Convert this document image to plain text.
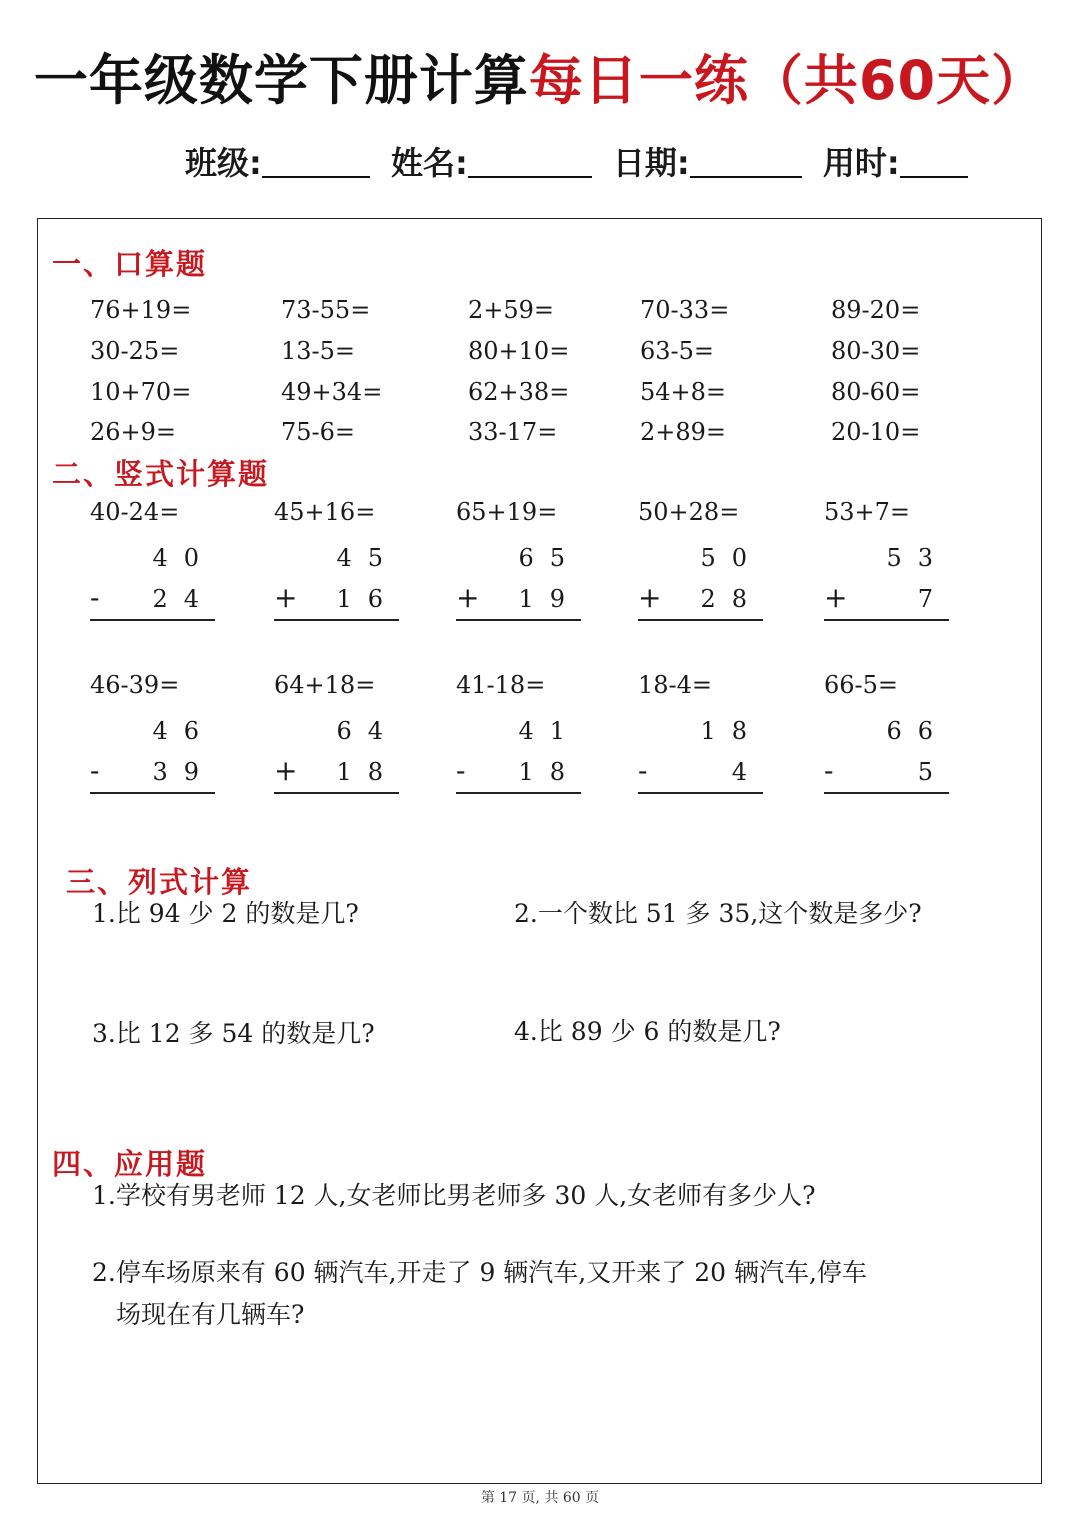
一年级数学下册计算每日一练（共60天）
班级:	姓名:	日期:	用时:
一、口算题
二、竖式计算题
三、列式计算
四、应用题
76+19=	73-55=	2+59=	70-33=	89-20=
30-25=	13-5=	80+10=	63-5=	80-30=
10+70=	49+34=	62+38=	54+8=	80-60=
26+9=	75-6=	33-17=	2+89=	20-10=
40-24=
40
-	24
45+16=
45
+	16
65+19=
65
+	19
50+28=
50
+	28
53+7=
53
+	7
46-39=
46
-	39
64+18=
64
+	18
41-18=
41
-	18
18-4=
18
-	4
66-5=
66
-	5
1.比 94 少 2 的数是几?	2.一个数比 51 多 35,这个数是多少?
3.比 12 多 54 的数是几?	4.比 89 少 6 的数是几?
1.学校有男老师 12 人,女老师比男老师多 30 人,女老师有多少人?
2.停车场原来有 60 辆汽车,开走了 9 辆汽车,又开来了 20 辆汽车,停车
场现在有几辆车?
第 17 页, 共 60 页
